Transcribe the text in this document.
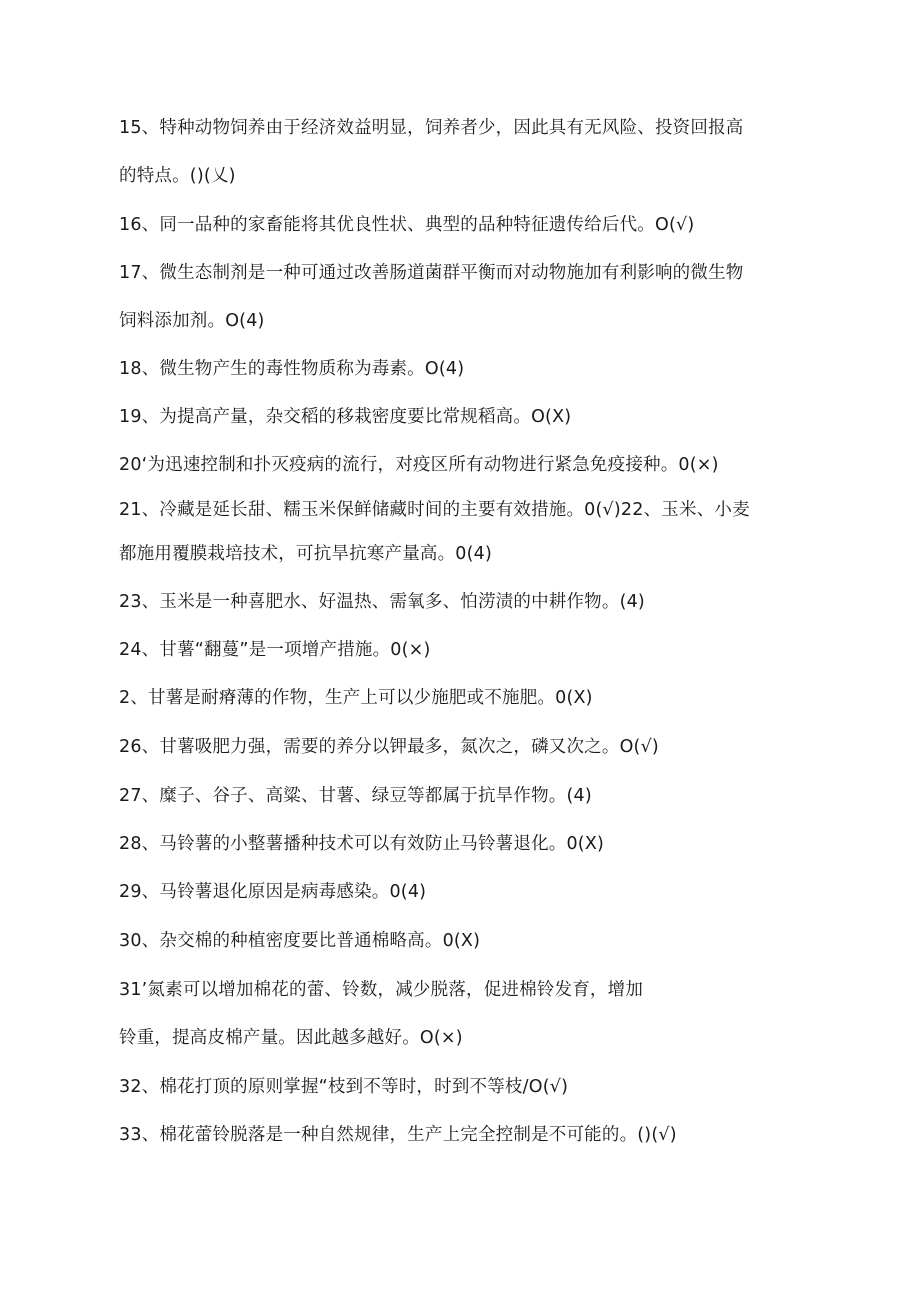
15、特种动物饲养由于经济效益明显，饲养者少，因此具有无风险、投资回报高
的特点。()(乂)
16、同一品种的家畜能将其优良性状、典型的品种特征遗传给后代。O(√)
17、微生态制剂是一种可通过改善肠道菌群平衡而对动物施加有利影响的微生物
饲料添加剂。O(4)
18、微生物产生的毒性物质称为毒素。O(4)
19、为提高产量，杂交稻的移栽密度要比常规稻高。O(X)
20‘为迅速控制和扑灭疫病的流行，对疫区所有动物进行紧急免疫接种。0(×)
21、冷藏是延长甜、糯玉米保鲜储藏时间的主要有效措施。0(√)22、玉米、小麦
都施用覆膜栽培技术，可抗旱抗寒产量高。0(4)
23、玉米是一种喜肥水、好温热、需氧多、怕涝渍的中耕作物。(4)
24、甘薯“翻蔓”是一项增产措施。0(×)
2、甘薯是耐瘠薄的作物，生产上可以少施肥或不施肥。0(X)
26、甘薯吸肥力强，需要的养分以钾最多，氮次之，磷又次之。O(√)
27、糜子、谷子、高粱、甘薯、绿豆等都属于抗旱作物。(4)
28、马铃薯的小整薯播种技术可以有效防止马铃薯退化。0(X)
29、马铃薯退化原因是病毒感染。0(4)
30、杂交棉的种植密度要比普通棉略高。0(X)
31’氮素可以增加棉花的蕾、铃数，减少脱落，促进棉铃发育，增加
铃重，提高皮棉产量。因此越多越好。O(×)
32、棉花打顶的原则掌握“枝到不等时，时到不等枝/O(√)
33、棉花蕾铃脱落是一种自然规律，生产上完全控制是不可能的。()(√)
